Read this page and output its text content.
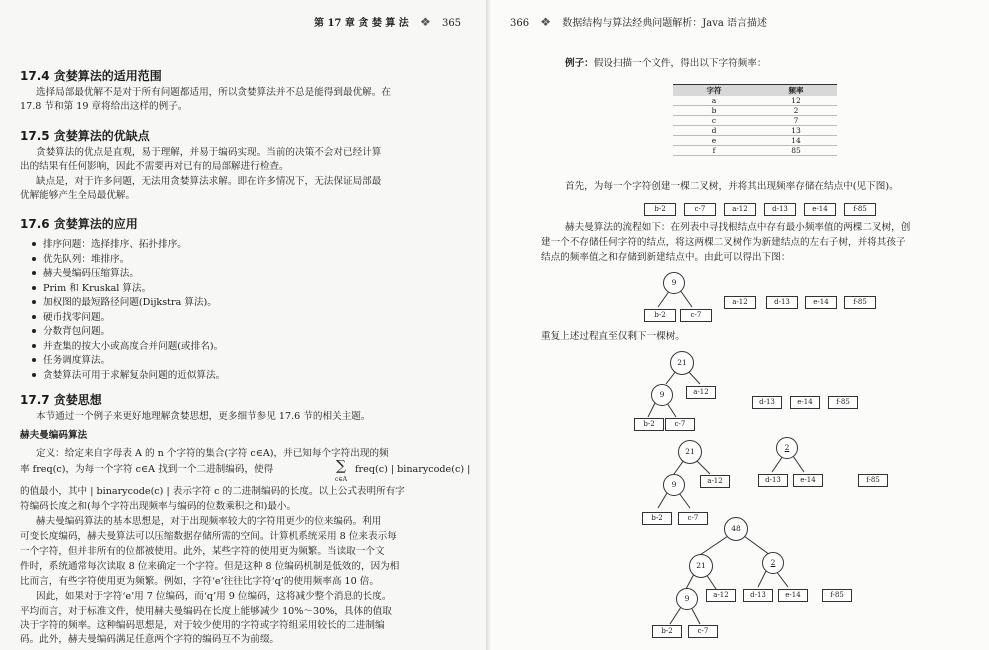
第 17 章 贪 婪 算 法 ❖ 365
17.4 贪婪算法的适用范围
选择局部最优解不是对于所有问题都适用，所以贪婪算法并不总是能得到最优解。在
17.8 节和第 19 章将给出这样的例子。
17.5 贪婪算法的优缺点
贪婪算法的优点是直观，易于理解，并易于编码实现。当前的决策不会对已经计算
出的结果有任何影响，因此不需要再对已有的局部解进行检查。
缺点是，对于许多问题，无法用贪婪算法求解。即在许多情况下，无法保证局部最
优解能够产生全局最优解。
17.6 贪婪算法的应用
排序问题：选择排序、拓扑排序。
优先队列：堆排序。
赫夫曼编码压缩算法。
Prim 和 Kruskal 算法。
加权图的最短路径问题(Dijkstra 算法)。
硬币找零问题。
分数背包问题。
并查集的按大小或高度合并问题(或排名)。
任务调度算法。
贪婪算法可用于求解复杂问题的近似算法。
17.7 贪婪思想
本节通过一个例子来更好地理解贪婪思想，更多细节参见 17.6 节的相关主题。
赫夫曼编码算法
定义：给定来自字母表 A 的 n 个字符的集合(字符 c∈A)，并已知每个字符出现的频
率 freq(c)，为每一个字符 c∈A 找到一个二进制编码，使得	∑
c∈A
freq(c) | binarycode(c) |
的值最小，其中 | binarycode(c) | 表示字符 c 的二进制编码的长度。以上公式表明所有字
符编码长度之和(每个字符出现频率与编码的位数乘积之和)最小。
赫夫曼编码算法的基本思想是，对于出现频率较大的字符用更少的位来编码。利用
可变长度编码，赫夫曼算法可以压缩数据存储所需的空间。计算机系统采用 8 位来表示每
一个字符，但并非所有的位都被使用。此外，某些字符的使用更为频繁。当读取一个文
件时，系统通常每次读取 8 位来确定一个字符。但是这种 8 位编码机制是低效的，因为相
比而言，有些字符使用更为频繁。例如，字符‘e’往往比字符‘q’的使用频率高 10 倍。
因此，如果对于字符‘e’用 7 位编码，而‘q’用 9 位编码，这将减少整个消息的长度。
平均而言，对于标准文件，使用赫夫曼编码在长度上能够减少 10%～30%，具体的值取
决于字符的频率。这种编码思想是，对于较少使用的字符或字符组采用较长的二进制编
码。此外，赫夫曼编码满足任意两个字符的编码互不为前缀。
366 ❖ 数据结构与算法经典问题解析：Java 语言描述
例子：假设扫描一个文件，得出以下字符频率：
字符	频率
a	12
b	2
c	7
d	13
e	14
f	85
首先，为每一个字符创建一棵二叉树，并将其出现频率存储在结点中(见下图)。
b-2	c-7	a-12	d-13	e-14	f-85
赫夫曼算法的流程如下：在列表中寻找根结点中存有最小频率值的两棵二叉树，创
建一个不存储任何字符的结点，将这两棵二叉树作为新建结点的左右子树，并将其孩子
结点的频率值之和存储到新建结点中。由此可以得出下图：
9
b-2	c-7
a-12	d-13	e-14	f-85
重复上述过程直至仅剩下一棵树。
21
9	a-12
b-2	c-7
d-13	e-14	f-85
21
9	a-12
b-2	c-7
2
d-13	e-14	f-85
48
21	2
9	a-12	d-13	e-14	f-85
b-2	c-7
